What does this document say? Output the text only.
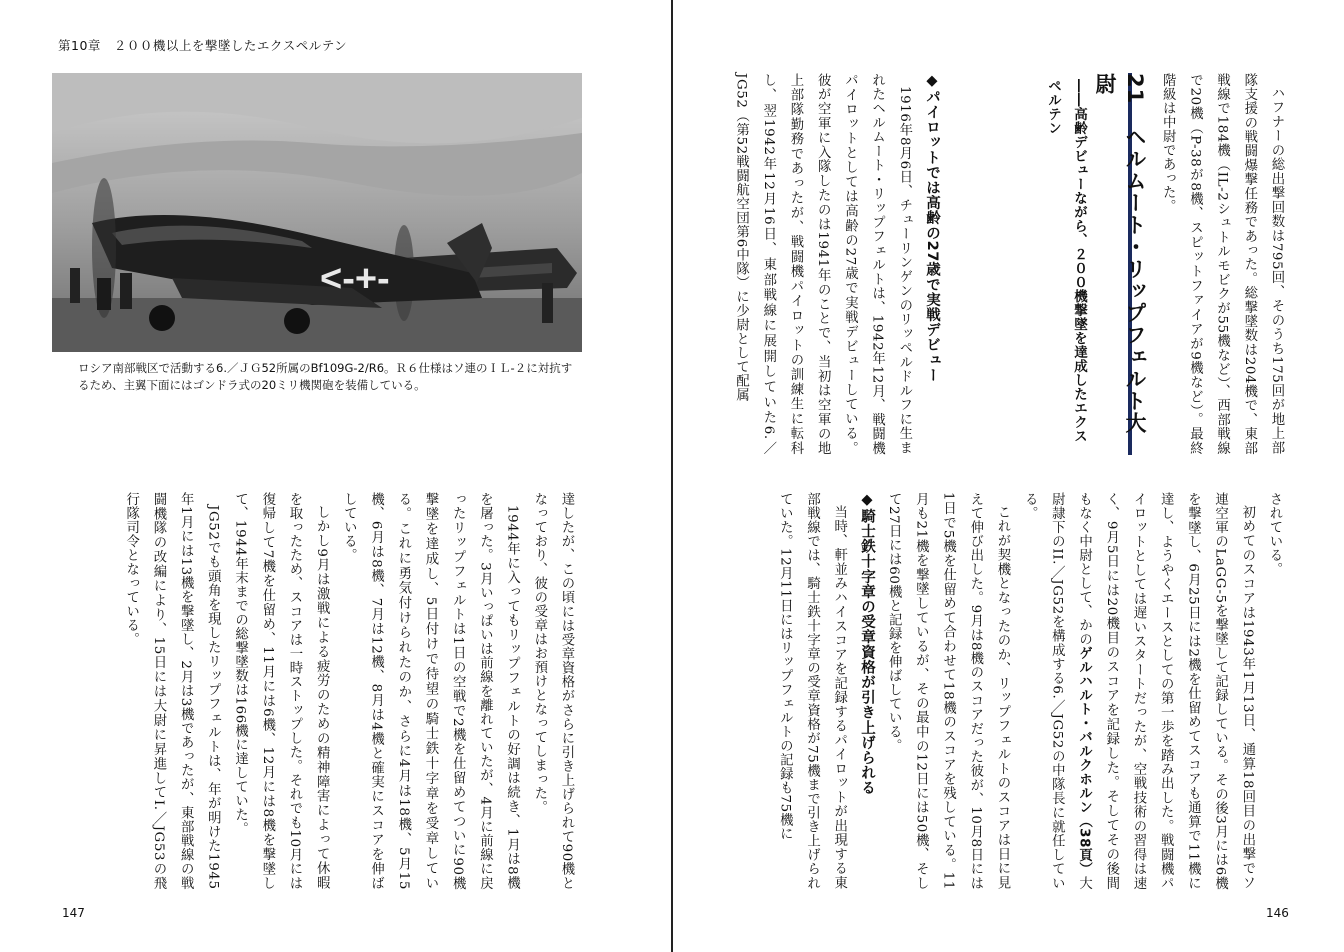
第10章　２００機以上を撃墜したエクスペルテン
<-+-
ロシア南部戦区で活動する6.／ＪＧ52所属のBf109G-2/R6。Ｒ６仕様はソ連のＩＬ-２に対抗するため、主翼下面にはゴンドラ式の20ミリ機関砲を装備している。
147
◆パイロットでは高齢の27歳で実戦デビュー

1916年8月6日、チューリンゲンのリッペルドルフに生まれたヘルムート・リップフェルトは、1942年12月、戦闘機パイロットとしては高齢の27歳で実戦デビューしている。彼が空軍に入隊したのは1941年のことで、当初は空軍の地上部隊勤務であったが、戦闘機パイロットの訓練生に転科し、翌1942年12月16日、東部戦線に展開していた6.／JG52（第52戦闘航空団第6中隊）に少尉として配属

達したが、この頃には受章資格がさらに引き上げられて90機となっており、彼の受章はお預けとなってしまった。

1944年に入ってもリップフェルトの好調は続き、1月は8機を屠った。3月いっぱいは前線を離れていたが、4月に前線に戻ったリップフェルトは1日の空戦で2機を仕留めてついに90機撃墜を達成し、5日付けで待望の騎士鉄十字章を受章している。これに勇気付けられたのか、さらに4月は18機、5月15機、6月は8機、7月は12機、8月は4機と確実にスコアを伸ばしている。

しかし9月は激戦による疲労のための精神障害によって休暇を取ったため、スコアは一時ストップした。それでも10月には復帰して7機を仕留め、11月には6機、12月には8機を撃墜して、1944年末までの総撃墜数は166機に達していた。

JG52でも頭角を現したリップフェルトは、年が明けた1945年1月には13機を撃墜し、2月は3機であったが、東部戦線の戦闘機隊の改編により、15日には大尉に昇進してI.／JG53の飛行隊司令となっている。

ハフナーの総出撃回数は795回、そのうち175回が地上部隊支援の戦闘爆撃任務であった。総撃墜数は204機で、東部戦線で184機（IL-2シュトルモビクが55機など）、西部戦線で20機（P-38が8機、スピットファイアが9機など）。最終階級は中尉であった。

21　ヘルムート・リップフェルト大尉
――高齢デビューながら、２００機撃墜を達成したエクスペルテン

されている。

初めてのスコアは1943年1月13日、通算18回目の出撃でソ連空軍のLaGG-5を撃墜して記録している。その後3月には6機を撃墜し、6月25日には2機を仕留めてスコアも通算で11機に達し、ようやくエースとしての第一歩を踏み出した。戦闘機パイロットとしては遅いスタートだったが、空戦技術の習得は速く、9月5日には20機目のスコアを記録した。そしてその後間もなく中尉として、かのゲルハルト・バルクホルン（38頁）大尉隷下のII.／JG52を構成する6.／JG52の中隊長に就任している。

これが契機となったのか、リップフェルトのスコアは日に見えて伸び出した。9月は8機のスコアだった彼が、10月8日には1日で5機を仕留めて合わせて18機のスコアを残している。11月も21機を撃墜しているが、その最中の12日には50機、そして27日には60機と記録を伸ばしている。

◆騎士鉄十字章の受章資格が引き上げられる

当時、軒並みハイスコアを記録するパイロットが出現する東部戦線では、騎士鉄十字章の受章資格が75機まで引き上げられていた。12月11日にはリップフェルトの記録も75機に

146
